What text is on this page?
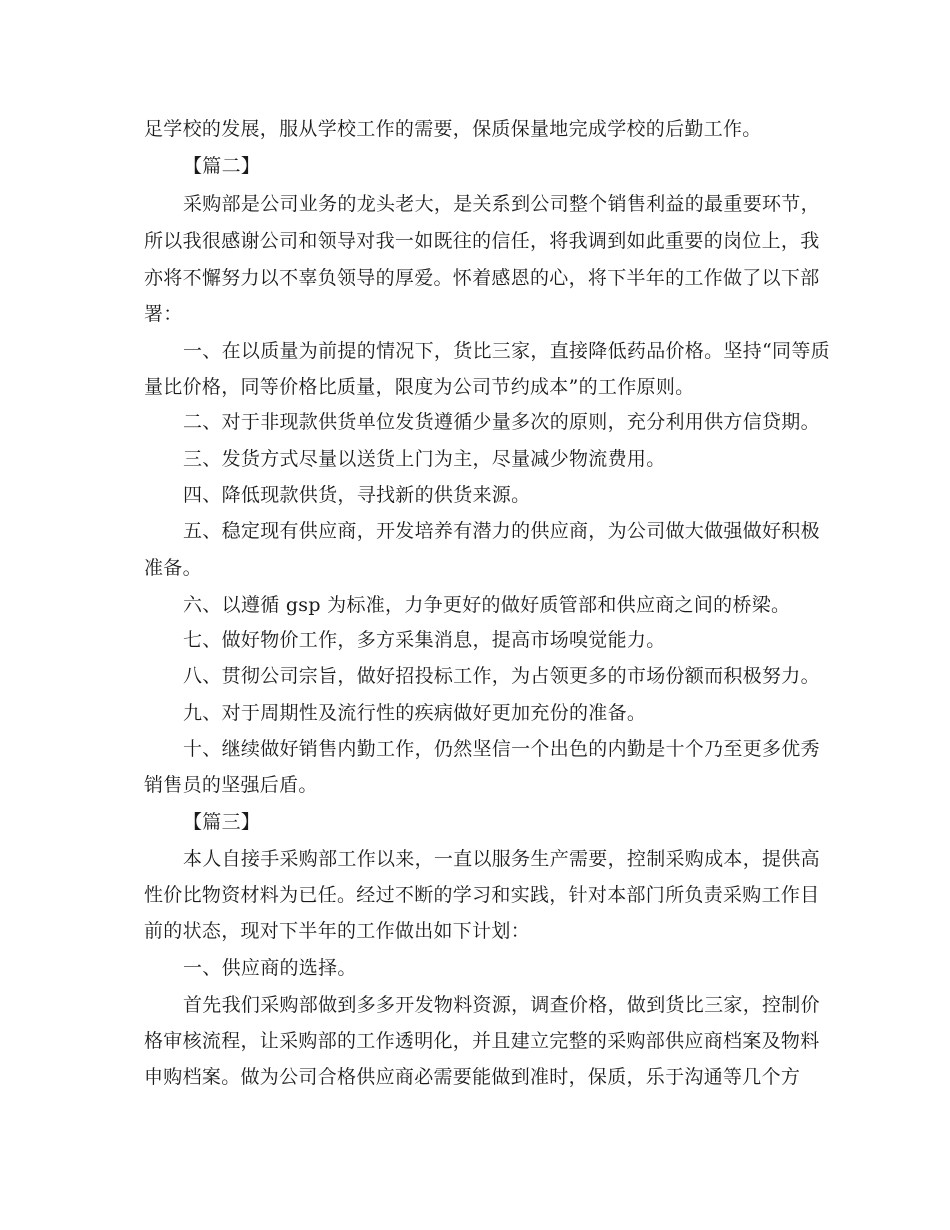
足学校的发展，服从学校工作的需要，保质保量地完成学校的后勤工作。
【篇二】
采购部是公司业务的龙头老大，是关系到公司整个销售利益的最重要环节，
所以我很感谢公司和领导对我一如既往的信任，将我调到如此重要的岗位上，我
亦将不懈努力以不辜负领导的厚爱。怀着感恩的心，将下半年的工作做了以下部
署：
一、在以质量为前提的情况下，货比三家，直接降低药品价格。坚持“同等质
量比价格，同等价格比质量，限度为公司节约成本”的工作原则。
二、对于非现款供货单位发货遵循少量多次的原则，充分利用供方信贷期。
三、发货方式尽量以送货上门为主，尽量减少物流费用。
四、降低现款供货，寻找新的供货来源。
五、稳定现有供应商，开发培养有潜力的供应商，为公司做大做强做好积极
准备。
六、以遵循 gsp 为标准，力争更好的做好质管部和供应商之间的桥梁。
七、做好物价工作，多方采集消息，提高市场嗅觉能力。
八、贯彻公司宗旨，做好招投标工作，为占领更多的市场份额而积极努力。
九、对于周期性及流行性的疾病做好更加充份的准备。
十、继续做好销售内勤工作，仍然坚信一个出色的内勤是十个乃至更多优秀
销售员的坚强后盾。
【篇三】
本人自接手采购部工作以来，一直以服务生产需要，控制采购成本，提供高
性价比物资材料为已任。经过不断的学习和实践，针对本部门所负责采购工作目
前的状态，现对下半年的工作做出如下计划：
一、供应商的选择。
首先我们采购部做到多多开发物料资源，调查价格，做到货比三家，控制价
格审核流程，让采购部的工作透明化，并且建立完整的采购部供应商档案及物料
申购档案。做为公司合格供应商必需要能做到准时，保质，乐于沟通等几个方
